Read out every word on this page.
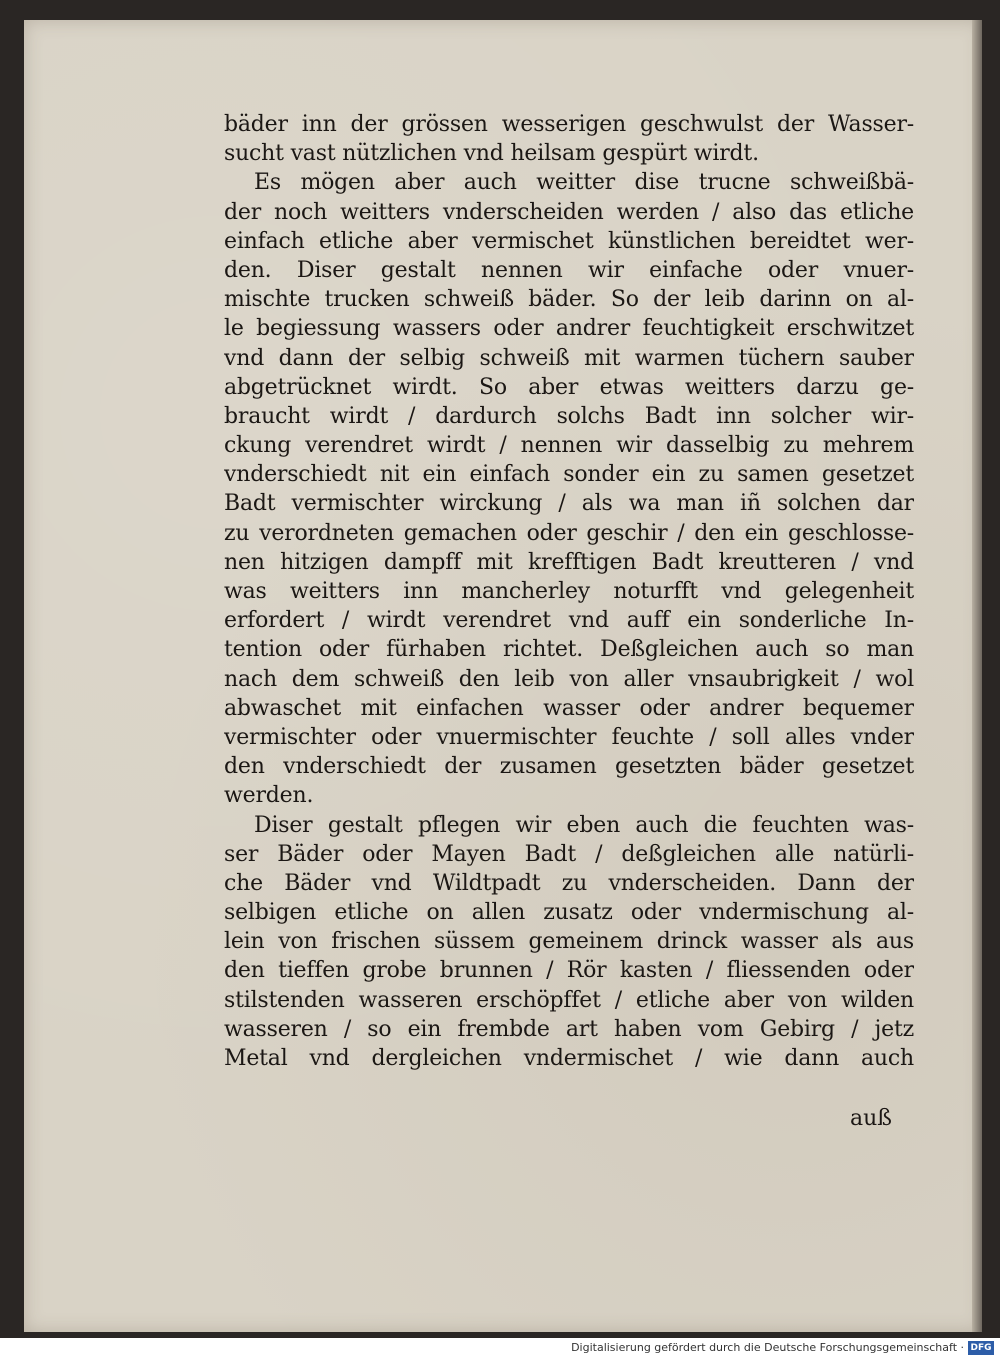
bäder inn der grössen wesserigen geschwulst der Wasser-
sucht vast nützlichen vnd heilsam gespürt wirdt.
Es mögen aber auch weitter dise trucne schweißbä-
der noch weitters vnderscheiden werden / also das etliche
einfach etliche aber vermischet künstlichen bereidtet wer-
den. Diser gestalt nennen wir einfache oder vnuer-
mischte trucken schweiß bäder. So der leib darinn on al-
le begiessung wassers oder andrer feuchtigkeit erschwitzet
vnd dann der selbig schweiß mit warmen tüchern sauber
abgetrücknet wirdt. So aber etwas weitters darzu ge-
braucht wirdt / dardurch solchs Badt inn solcher wir-
ckung verendret wirdt / nennen wir dasselbig zu mehrem
vnderschiedt nit ein einfach sonder ein zu samen gesetzet
Badt vermischter wirckung / als wa man iñ solchen dar
zu verordneten gemachen oder geschir / den ein geschlosse-
nen hitzigen dampff mit krefftigen Badt kreutteren / vnd
was weitters inn mancherley noturfft vnd gelegenheit
erfordert / wirdt verendret vnd auff ein sonderliche In-
tention oder fürhaben richtet. Deßgleichen auch so man
nach dem schweiß den leib von aller vnsaubrigkeit / wol
abwaschet mit einfachen wasser oder andrer bequemer
vermischter oder vnuermischter feuchte / soll alles vnder
den vnderschiedt der zusamen gesetzten bäder gesetzet
werden.
Diser gestalt pflegen wir eben auch die feuchten was-
ser Bäder oder Mayen Badt / deßgleichen alle natürli-
che Bäder vnd Wildtpadt zu vnderscheiden. Dann der
selbigen etliche on allen zusatz oder vndermischung al-
lein von frischen süssem gemeinem drinck wasser als aus
den tieffen grobe brunnen / Rör kasten / fliessenden oder
stilstenden wasseren erschöpffet / etliche aber von wilden
wasseren / so ein frembde art haben vom Gebirg / jetz
Metal vnd dergleichen vndermischet / wie dann auch
auß
Digitalisierung gefördert durch die Deutsche Forschungsgemeinschaft · DFG
